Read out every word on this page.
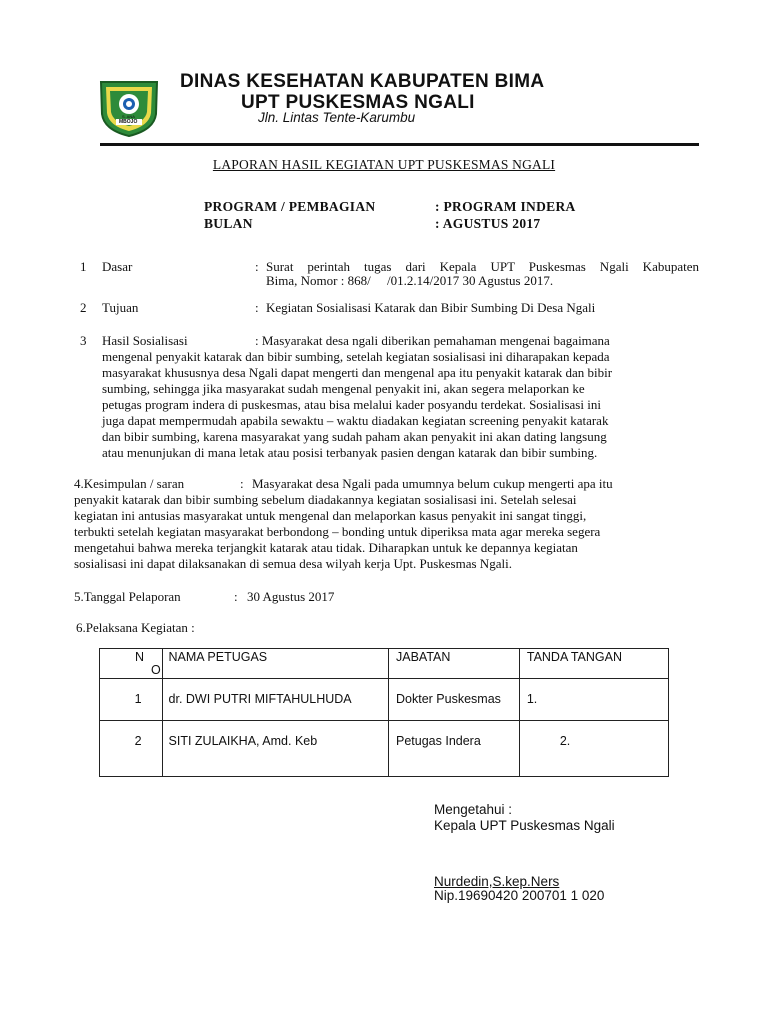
S. ANA
MBOJO
DINAS KESEHATAN KABUPATEN BIMA
UPT PUSKESMAS NGALI
Jln. Lintas Tente-Karumbu
LAPORAN HASIL KEGIATAN UPT PUSKESMAS NGALI
PROGRAM / PEMBAGIAN	: PROGRAM INDERA
BULAN	: AGUSTUS 2017
1 Dasar	: Surat perintah tugas dari Kepala UPT Puskesmas Ngali Kabupaten
Bima, Nomor : 868/     /01.2.14/2017 30 Agustus 2017.
2 Tujuan	: Kegiatan Sosialisasi Katarak dan Bibir Sumbing Di Desa Ngali
3 Hasil Sosialisasi	: Masyarakat desa ngali diberikan pemahaman mengenai bagaimana
mengenal penyakit katarak dan bibir sumbing, setelah kegiatan sosialisasi ini diharapakan kepada
masyarakat khususnya desa Ngali dapat mengerti dan mengenal apa itu penyakit katarak dan bibir
sumbing, sehingga jika masyarakat sudah mengenal penyakit ini, akan segera melaporkan ke
petugas program indera di puskesmas, atau bisa melalui kader posyandu terdekat. Sosialisasi ini
juga dapat mempermudah apabila sewaktu – waktu diadakan kegiatan screening penyakit katarak
dan bibir sumbing, karena masyarakat yang sudah paham akan penyakit ini akan dating langsung
atau menunjukan di mana letak atau posisi terbanyak pasien dengan katarak dan bibir sumbing.
4.Kesimpulan / saran	: Masyarakat desa Ngali pada umumnya belum cukup mengerti apa itu
penyakit katarak dan bibir sumbing sebelum diadakannya kegiatan sosialisasi ini. Setelah selesai
kegiatan ini antusias masyarakat untuk mengenal dan melaporkan kasus penyakit ini sangat tinggi,
terbukti setelah kegiatan masyarakat berbondong – bonding untuk diperiksa mata agar mereka segera
mengetahui bahwa mereka terjangkit katarak atau tidak. Diharapkan untuk ke depannya kegiatan
sosialisasi ini dapat dilaksanakan di semua desa wilyah kerja Upt. Puskesmas Ngali.
5.Tanggal Pelaporan	: 30 Agustus 2017
6.Pelaksana Kegiatan :
N
O	NAMA PETUGAS	JABATAN	TANDA TANGAN
1	dr. DWI PUTRI MIFTAHULHUDA	Dokter Puskesmas	1.
2	SITI ZULAIKHA, Amd. Keb	Petugas Indera	2.
Mengetahui :
Kepala UPT Puskesmas Ngali
Nurdedin,S.kep.Ners
Nip.19690420 200701 1 020
